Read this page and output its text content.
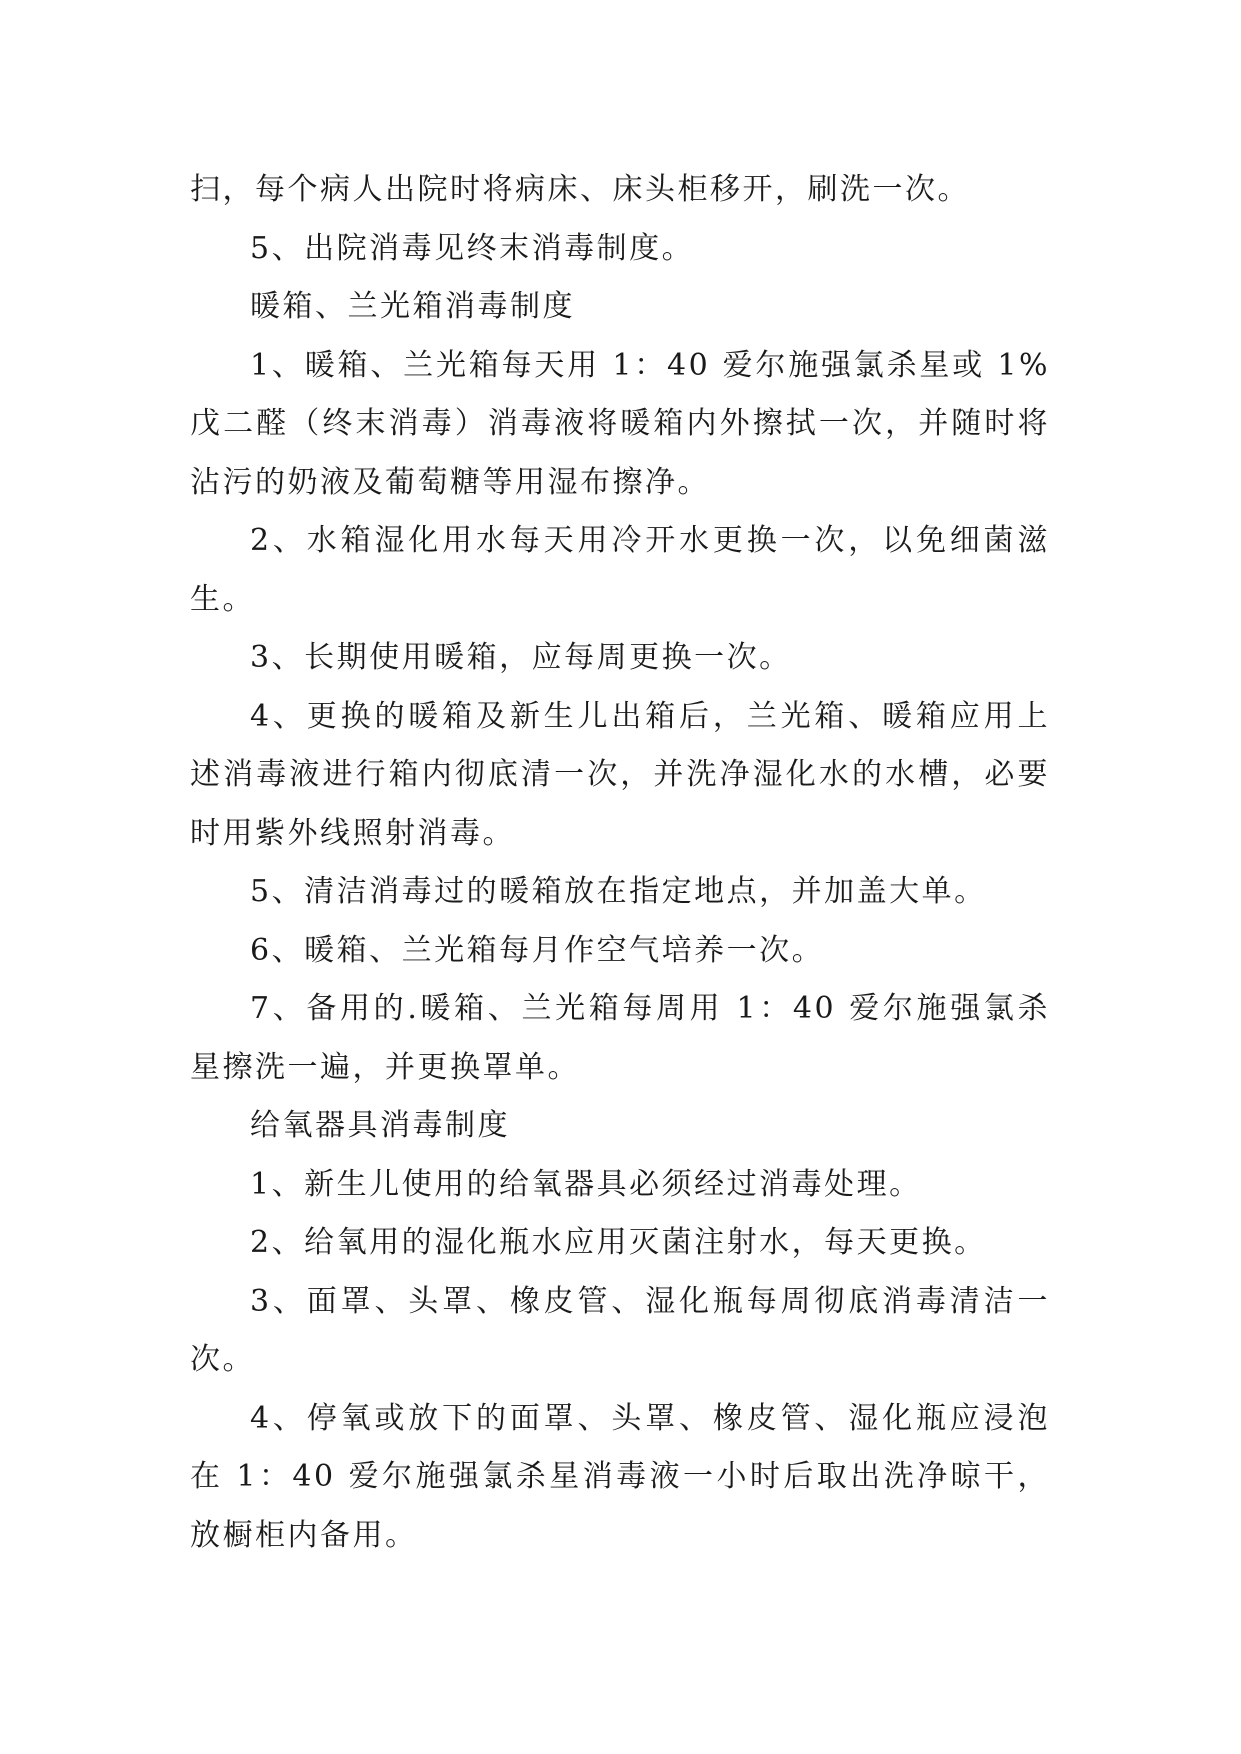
扫，每个病人出院时将病床、床头柜移开，刷洗一次。

5、出院消毒见终末消毒制度。

暖箱、兰光箱消毒制度

1、暖箱、兰光箱每天用 1：40 爱尔施强氯杀星或 1%戊二醛（终末消毒）消毒液将暖箱内外擦拭一次，并随时将沾污的奶液及葡萄糖等用湿布擦净。

2、水箱湿化用水每天用冷开水更换一次，以免细菌滋生。

3、长期使用暖箱，应每周更换一次。

4、更换的暖箱及新生儿出箱后，兰光箱、暖箱应用上述消毒液进行箱内彻底清一次，并洗净湿化水的水槽，必要时用紫外线照射消毒。

5、清洁消毒过的暖箱放在指定地点，并加盖大单。

6、暖箱、兰光箱每月作空气培养一次。

7、备用的.暖箱、兰光箱每周用 1：40 爱尔施强氯杀星擦洗一遍，并更换罩单。

给氧器具消毒制度

1、新生儿使用的给氧器具必须经过消毒处理。

2、给氧用的湿化瓶水应用灭菌注射水，每天更换。

3、面罩、头罩、橡皮管、湿化瓶每周彻底消毒清洁一次。

4、停氧或放下的面罩、头罩、橡皮管、湿化瓶应浸泡在 1：40 爱尔施强氯杀星消毒液一小时后取出洗净晾干，放橱柜内备用。
